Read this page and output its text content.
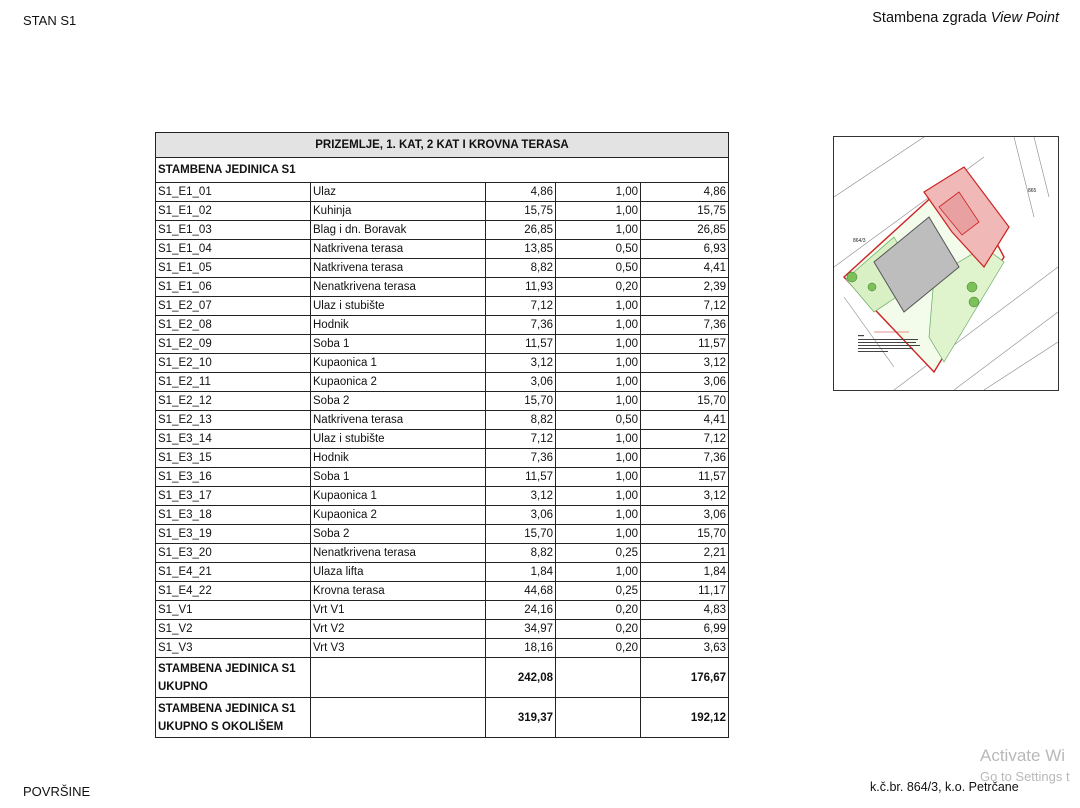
STAN S1	Stambena zgrada View Point
PRIZEMLJE, 1. KAT, 2 KAT I KROVNA TERASA				
STAMBENA JEDINICA S1				
S1_E1_01	Ulaz	4,86	1,00	4,86
S1_E1_02	Kuhinja	15,75	1,00	15,75
S1_E1_03	Blag i dn. Boravak	26,85	1,00	26,85
S1_E1_04	Natkrivena terasa	13,85	0,50	6,93
S1_E1_05	Natkrivena terasa	8,82	0,50	4,41
S1_E1_06	Nenatkrivena terasa	11,93	0,20	2,39
S1_E2_07	Ulaz i stubište	7,12	1,00	7,12
S1_E2_08	Hodnik	7,36	1,00	7,36
S1_E2_09	Soba 1	11,57	1,00	11,57
S1_E2_10	Kupaonica 1	3,12	1,00	3,12
S1_E2_11	Kupaonica 2	3,06	1,00	3,06
S1_E2_12	Soba 2	15,70	1,00	15,70
S1_E2_13	Natkrivena terasa	8,82	0,50	4,41
S1_E3_14	Ulaz i stubište	7,12	1,00	7,12
S1_E3_15	Hodnik	7,36	1,00	7,36
S1_E3_16	Soba 1	11,57	1,00	11,57
S1_E3_17	Kupaonica 1	3,12	1,00	3,12
S1_E3_18	Kupaonica 2	3,06	1,00	3,06
S1_E3_19	Soba 2	15,70	1,00	15,70
S1_E3_20	Nenatkrivena terasa	8,82	0,25	2,21
S1_E4_21	Ulaza lifta	1,84	1,00	1,84
S1_E4_22	Krovna terasa	44,68	0,25	11,17
S1_V1	Vrt V1	24,16	0,20	4,83
S1_V2	Vrt V2	34,97	0,20	6,99
S1_V3	Vrt V3	18,16	0,20	3,63

STAMBENA JEDINICA S1
UKUPNO		242,08		176,67

STAMBENA JEDINICA S1
UKUPNO S OKOLIŠEM		319,37		192,12
864/3
865
POVRŠINE	k.č.br. 864/3, k.o. Petrčane
Activate Wi
Go to Settings t
